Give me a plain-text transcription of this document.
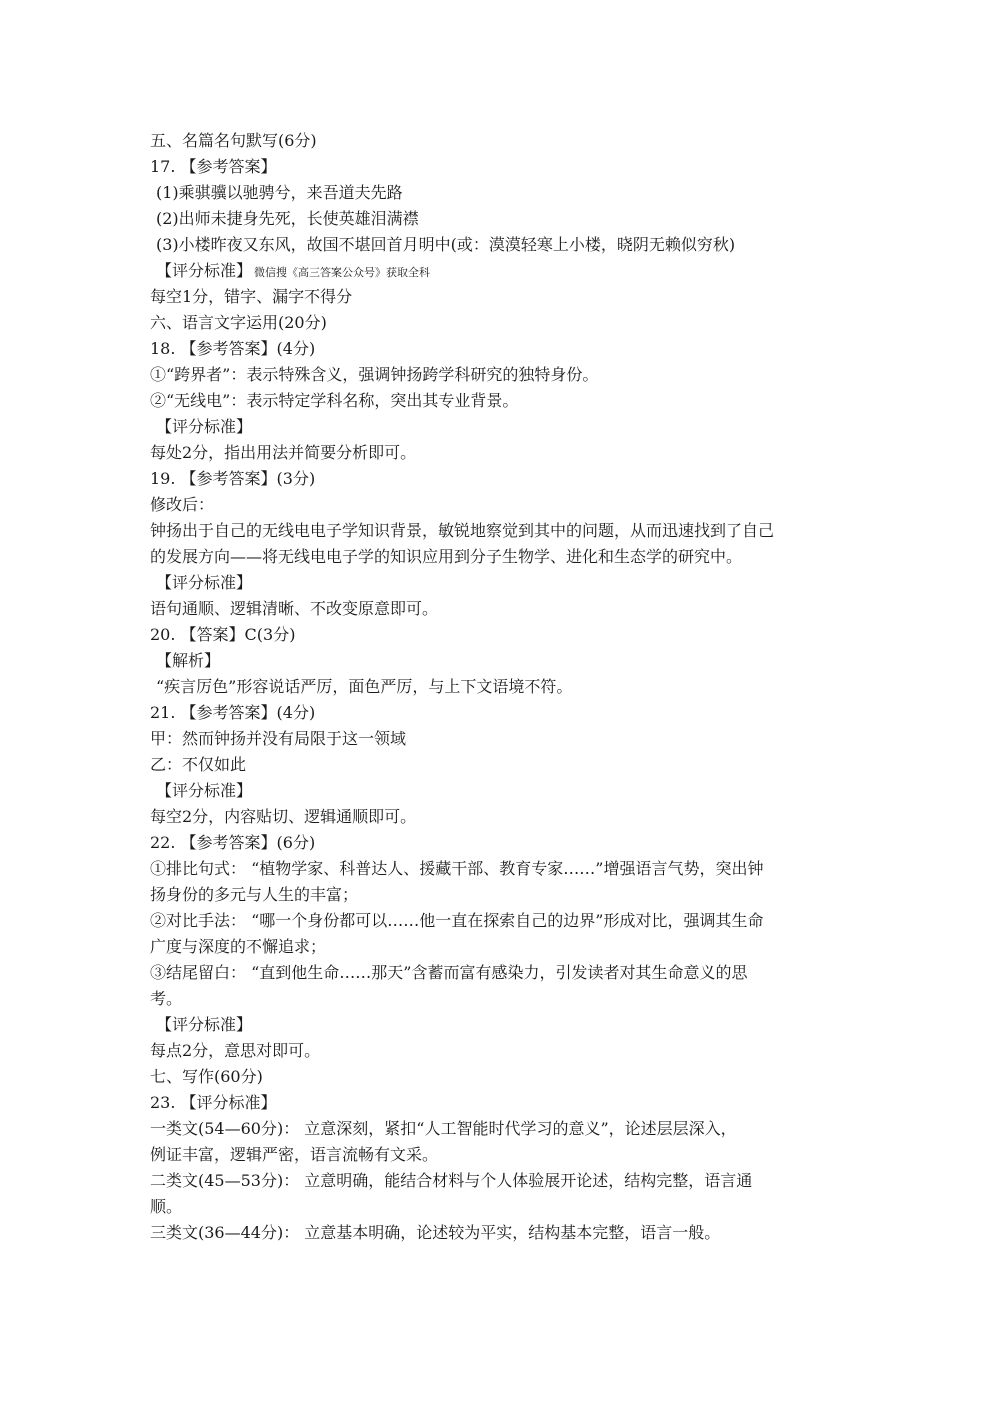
五、名篇名句默写(6分)
17. 【参考答案】
(1)乘骐骥以驰骋兮，来吾道夫先路
(2)出师未捷身先死，长使英雄泪满襟
(3)小楼昨夜又东风，故国不堪回首月明中(或：漠漠轻寒上小楼，晓阴无赖似穷秋)
【评分标准】 微信搜《高三答案公众号》获取全科
每空1分，错字、漏字不得分
六、语言文字运用(20分)
18. 【参考答案】(4分)
①“跨界者”：表示特殊含义，强调钟扬跨学科研究的独特身份。
②“无线电”：表示特定学科名称，突出其专业背景。
【评分标准】
每处2分，指出用法并简要分析即可。
19. 【参考答案】(3分)
修改后：
钟扬出于自己的无线电电子学知识背景，敏锐地察觉到其中的问题，从而迅速找到了自己
的发展方向——将无线电电子学的知识应用到分子生物学、进化和生态学的研究中。
【评分标准】
语句通顺、逻辑清晰、不改变原意即可。
20. 【答案】C(3分)
【解析】
“疾言厉色”形容说话严厉，面色严厉，与上下文语境不符。
21. 【参考答案】(4分)
甲：然而钟扬并没有局限于这一领域
乙：不仅如此
【评分标准】
每空2分，内容贴切、逻辑通顺即可。
22. 【参考答案】(6分)
①排比句式： “植物学家、科普达人、援藏干部、教育专家……”增强语言气势，突出钟
扬身份的多元与人生的丰富；
②对比手法： “哪一个身份都可以……他一直在探索自己的边界”形成对比，强调其生命
广度与深度的不懈追求；
③结尾留白： “直到他生命……那天”含蓄而富有感染力，引发读者对其生命意义的思
考。
【评分标准】
每点2分，意思对即可。
七、写作(60分)
23. 【评分标准】
一类文(54—60分)： 立意深刻，紧扣“人工智能时代学习的意义”，论述层层深入，
例证丰富，逻辑严密，语言流畅有文采。
二类文(45—53分)： 立意明确，能结合材料与个人体验展开论述，结构完整，语言通
顺。
三类文(36—44分)： 立意基本明确，论述较为平实，结构基本完整，语言一般。
